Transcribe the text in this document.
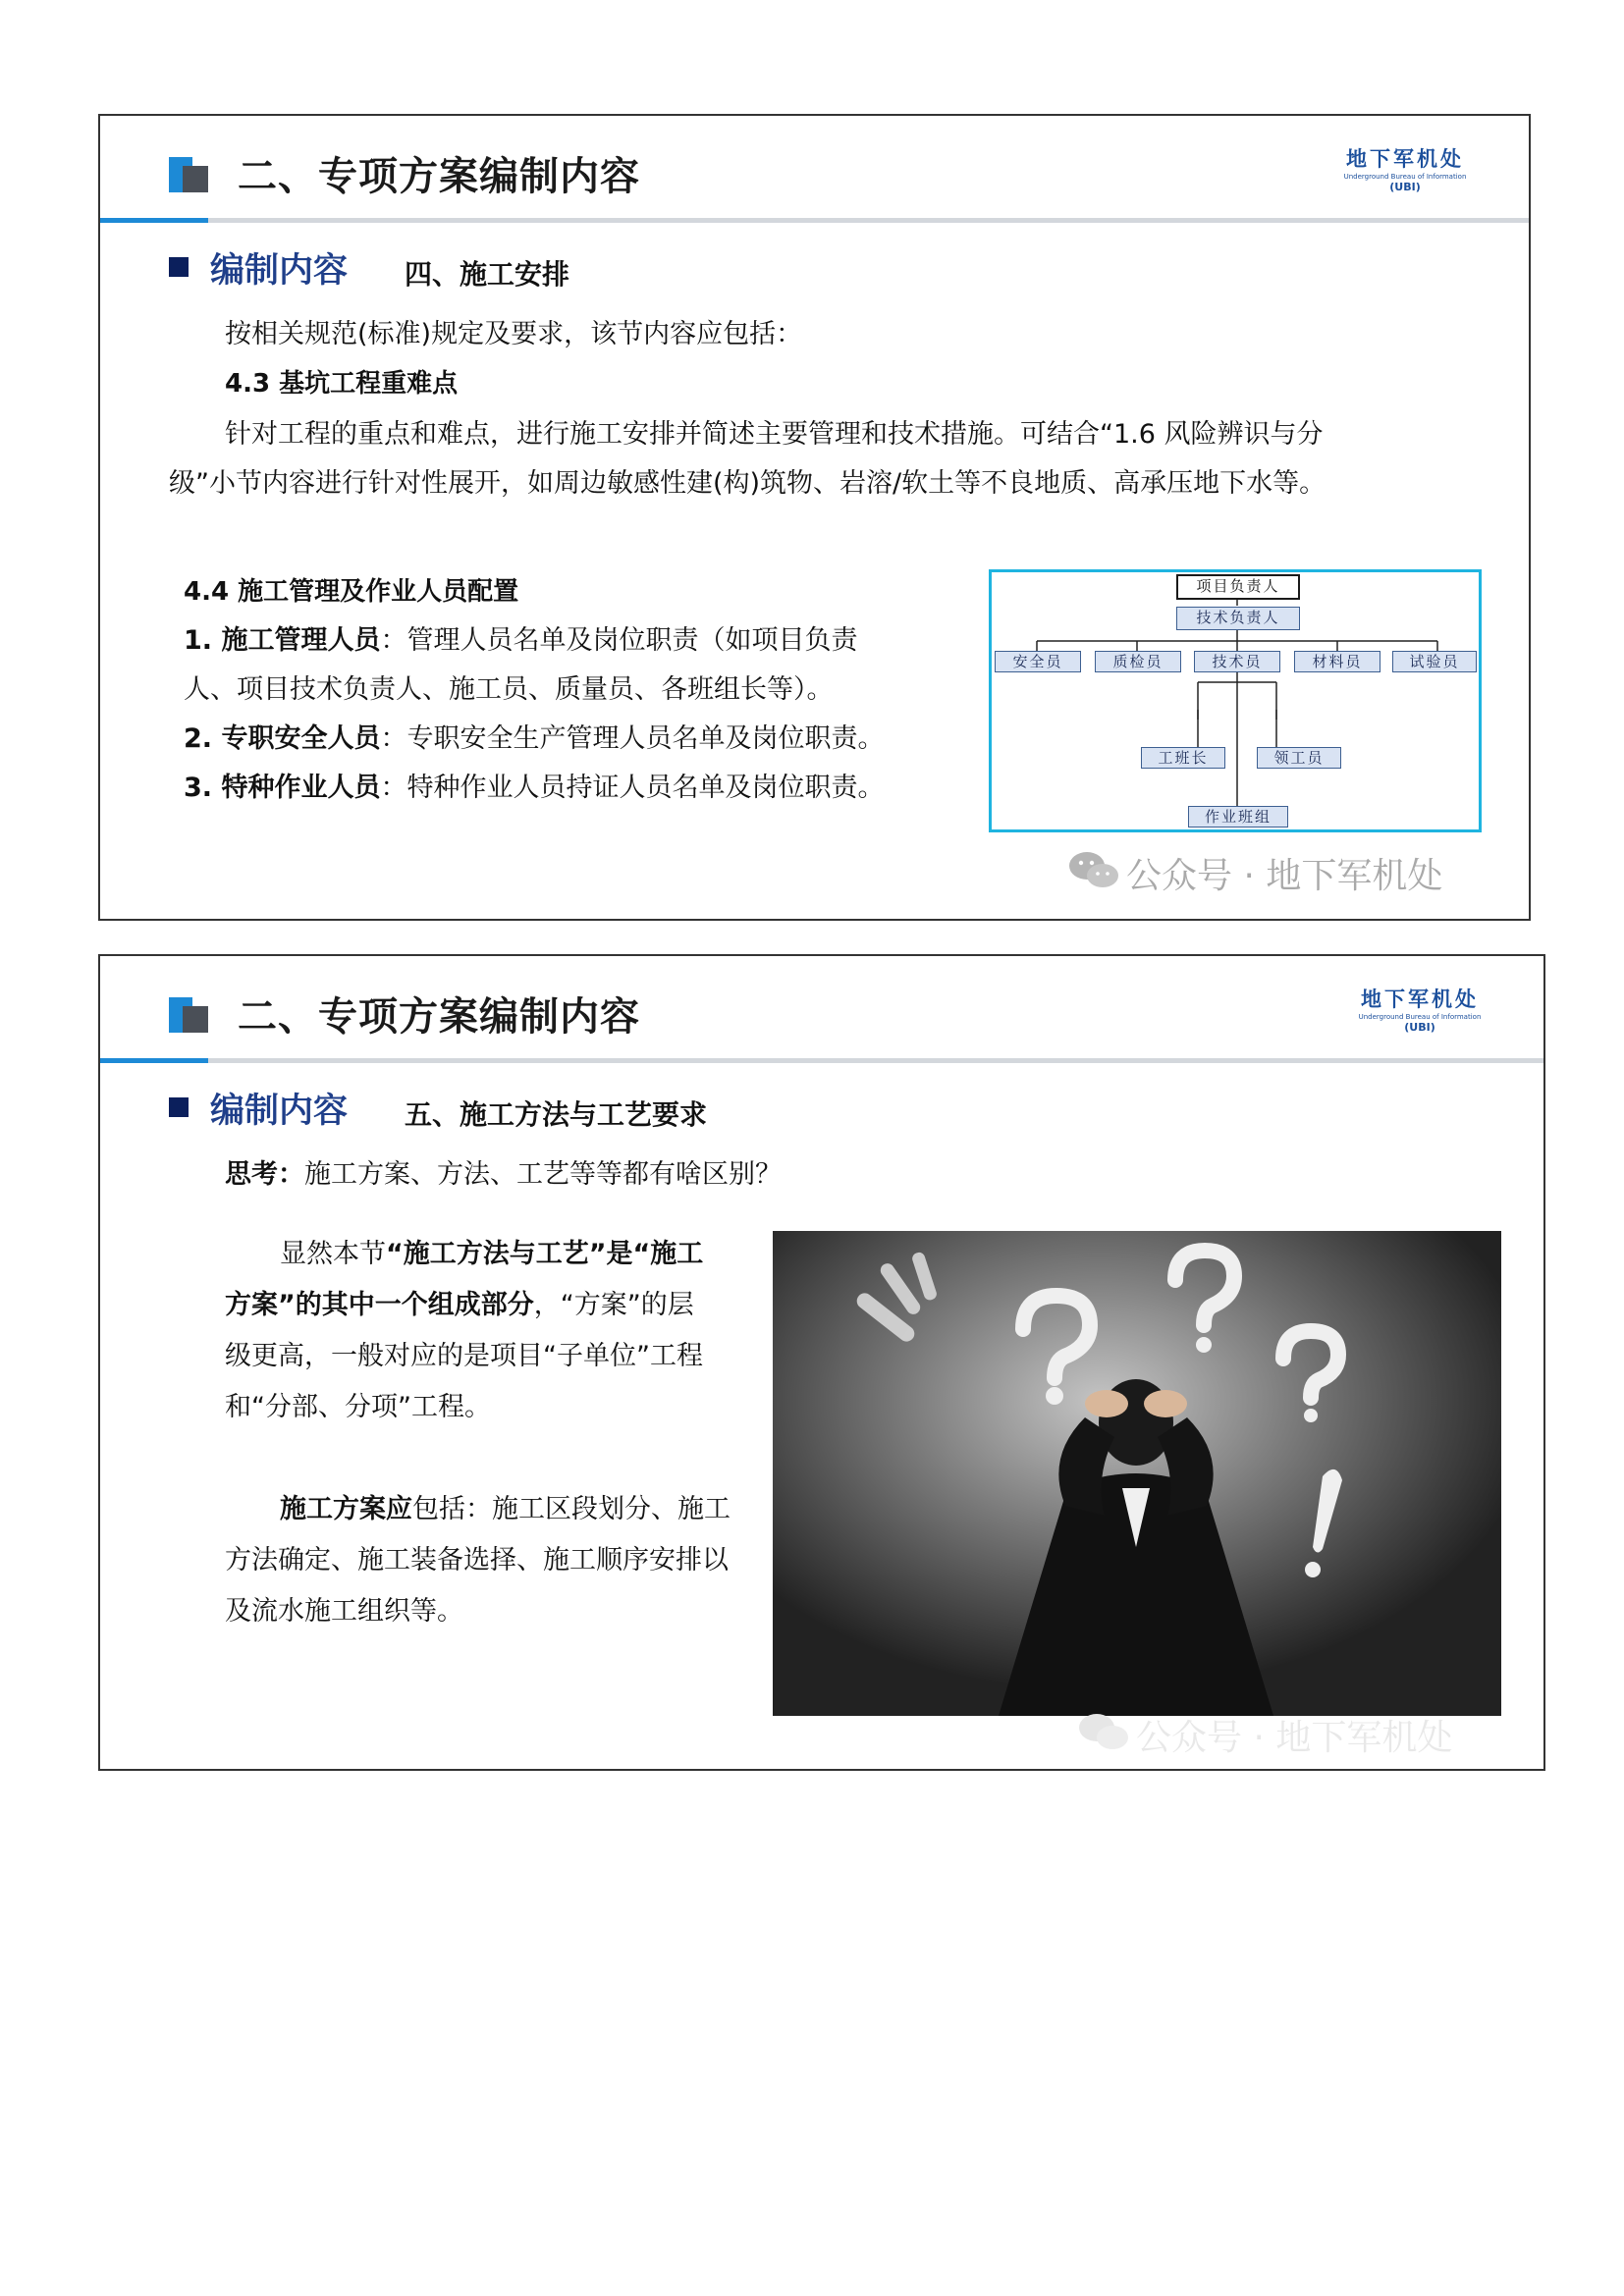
二、专项方案编制内容	地下军机处
Underground Bureau of Information
(UBI)
编制内容 四、施工安排
按相关规范(标准)规定及要求，该节内容应包括：
4.3 基坑工程重难点
针对工程的重点和难点，进行施工安排并简述主要管理和技术措施。可结合“1.6 风险辨识与分
级”小节内容进行针对性展开，如周边敏感性建(构)筑物、岩溶/软土等不良地质、高承压地下水等。
4.4 施工管理及作业人员配置
1. 施工管理人员：管理人员名单及岗位职责（如项目负责
人、项目技术负责人、施工员、质量员、各班组长等）。
2. 专职安全人员：专职安全生产管理人员名单及岗位职责。
3. 特种作业人员：特种作业人员持证人员名单及岗位职责。
项目负责人
技术负责人
安全员	质检员	技术员	材料员	试验员
工班长	领工员
作业班组
公众号 · 地下军机处
二、专项方案编制内容	地下军机处
Underground Bureau of Information
(UBI)
编制内容 五、施工方法与工艺要求
思考：施工方案、方法、工艺等等都有啥区别？
显然本节“施工方法与工艺”是“施工方案”的其中一个组成部分，“方案”的层级更高，一般对应的是项目“子单位”工程和“分部、分项”工程。
施工方案应包括：施工区段划分、施工方法确定、施工装备选择、施工顺序安排以及流水施工组织等。
公众号 · 地下军机处
